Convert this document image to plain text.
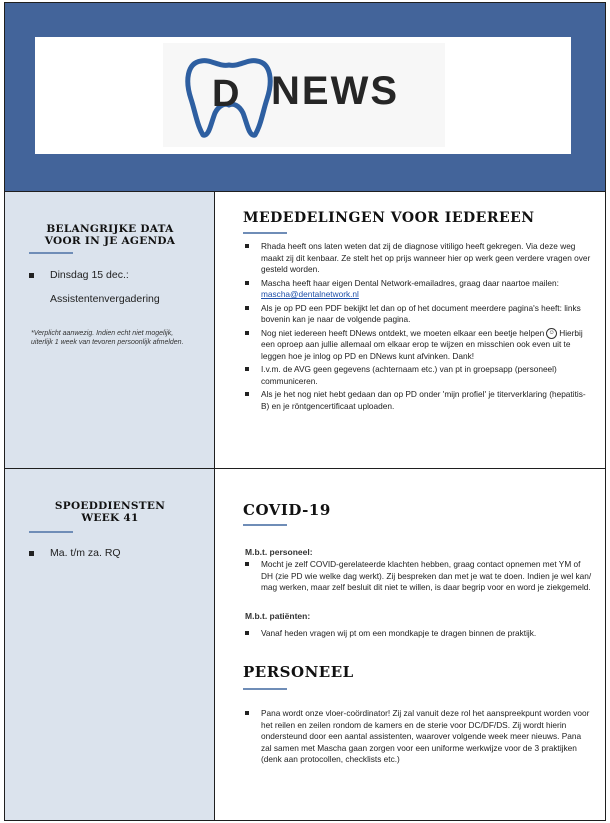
D NEWS
BELANGRIJKE DATA
VOOR IN JE AGENDA
Dinsdag 15 dec.:
Assistentenvergadering
*Verplicht aanwezig. Indien echt niet mogelijk, uiterlijk 1 week van tevoren persoonlijk afmelden.
SPOEDDIENSTEN
WEEK 41
Ma. t/m za. RQ
MEDEDELINGEN VOOR IEDEREEN
Rhada heeft ons laten weten dat zij de diagnose vitiligo heeft gekregen. Via deze weg maakt zij dit kenbaar. Ze stelt het op prijs wanneer hier op werk geen verdere vragen over gesteld worden.
Mascha heeft haar eigen Dental Network-emailadres, graag daar naartoe mailen: mascha@dentalnetwork.nl
Als je op PD een PDF bekijkt let dan op of het document meerdere pagina's heeft: links bovenin kan je naar de volgende pagina.
Nog niet iedereen heeft DNews ontdekt, we moeten elkaar een beetje helpen ☺ Hierbij een oproep aan jullie allemaal om elkaar erop te wijzen en misschien ook even uit te leggen hoe je inlog op PD en DNews kunt afvinken. Dank!
I.v.m. de AVG geen gegevens (achternaam etc.) van pt in groepsapp (personeel) communiceren.
Als je het nog niet hebt gedaan dan op PD onder 'mijn profiel' je titerverklaring (hepatitis-B) en je röntgencertificaat uploaden.
COVID-19
M.b.t. personeel:
Mocht je zelf COVID-gerelateerde klachten hebben, graag contact opnemen met YM of DH (zie PD wie welke dag werkt). Zij bespreken dan met je wat te doen. Indien je wel kan/ mag werken, maar zelf besluit dit niet te willen, is daar begrip voor en word je ziekgemeld.
M.b.t. patiënten:
Vanaf heden vragen wij pt om een mondkapje te dragen binnen de praktijk.
PERSONEEL
Pana wordt onze vloer-coördinator! Zij zal vanuit deze rol het aanspreekpunt worden voor het reilen en zeilen rondom de kamers en de sterie voor DC/DF/DS. Zij wordt hierin ondersteund door een aantal assistenten, waarover volgende week meer nieuws. Pana zal samen met Mascha gaan zorgen voor een uniforme werkwijze voor de 3 praktijken (denk aan protocollen, checklists etc.)
